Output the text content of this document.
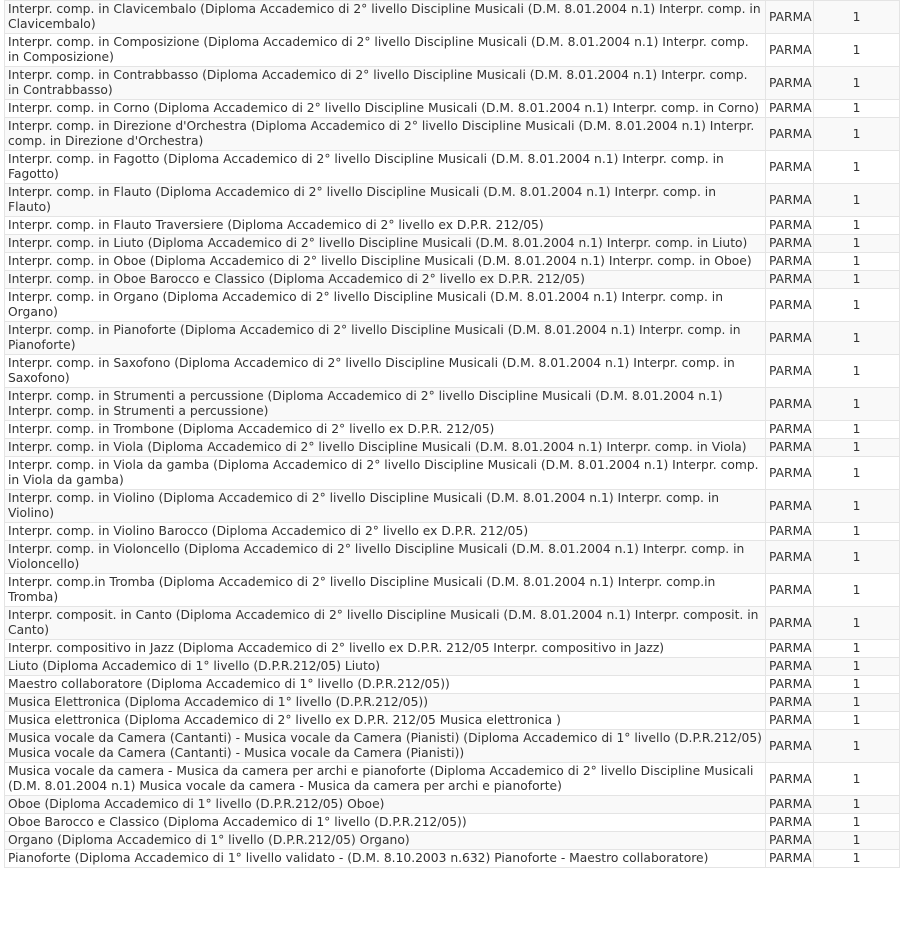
Interpr. comp. in Clavicembalo (Diploma Accademico di 2° livello Discipline Musicali (D.M. 8.01.2004 n.1) Interpr. comp. in Clavicembalo)	PARMA	1
Interpr. comp. in Composizione (Diploma Accademico di 2° livello Discipline Musicali (D.M. 8.01.2004 n.1) Interpr. comp. in Composizione)	PARMA	1
Interpr. comp. in Contrabbasso (Diploma Accademico di 2° livello Discipline Musicali (D.M. 8.01.2004 n.1) Interpr. comp. in Contrabbasso)	PARMA	1
Interpr. comp. in Corno (Diploma Accademico di 2° livello Discipline Musicali (D.M. 8.01.2004 n.1) Interpr. comp. in Corno)	PARMA	1
Interpr. comp. in Direzione d'Orchestra (Diploma Accademico di 2° livello Discipline Musicali (D.M. 8.01.2004 n.1) Interpr. comp. in Direzione d'Orchestra)	PARMA	1
Interpr. comp. in Fagotto (Diploma Accademico di 2° livello Discipline Musicali (D.M. 8.01.2004 n.1) Interpr. comp. in Fagotto)	PARMA	1
Interpr. comp. in Flauto (Diploma Accademico di 2° livello Discipline Musicali (D.M. 8.01.2004 n.1) Interpr. comp. in Flauto)	PARMA	1
Interpr. comp. in Flauto Traversiere (Diploma Accademico di 2° livello ex D.P.R. 212/05)	PARMA	1
Interpr. comp. in Liuto (Diploma Accademico di 2° livello Discipline Musicali (D.M. 8.01.2004 n.1) Interpr. comp. in Liuto)	PARMA	1
Interpr. comp. in Oboe (Diploma Accademico di 2° livello Discipline Musicali (D.M. 8.01.2004 n.1) Interpr. comp. in Oboe)	PARMA	1
Interpr. comp. in Oboe Barocco e Classico (Diploma Accademico di 2° livello ex D.P.R. 212/05)	PARMA	1
Interpr. comp. in Organo (Diploma Accademico di 2° livello Discipline Musicali (D.M. 8.01.2004 n.1) Interpr. comp. in Organo)	PARMA	1
Interpr. comp. in Pianoforte (Diploma Accademico di 2° livello Discipline Musicali (D.M. 8.01.2004 n.1) Interpr. comp. in Pianoforte)	PARMA	1
Interpr. comp. in Saxofono (Diploma Accademico di 2° livello Discipline Musicali (D.M. 8.01.2004 n.1) Interpr. comp. in Saxofono)	PARMA	1
Interpr. comp. in Strumenti a percussione (Diploma Accademico di 2° livello Discipline Musicali (D.M. 8.01.2004 n.1) Interpr. comp. in Strumenti a percussione)	PARMA	1
Interpr. comp. in Trombone (Diploma Accademico di 2° livello ex D.P.R. 212/05)	PARMA	1
Interpr. comp. in Viola (Diploma Accademico di 2° livello Discipline Musicali (D.M. 8.01.2004 n.1) Interpr. comp. in Viola)	PARMA	1
Interpr. comp. in Viola da gamba (Diploma Accademico di 2° livello Discipline Musicali (D.M. 8.01.2004 n.1) Interpr. comp. in Viola da gamba)	PARMA	1
Interpr. comp. in Violino (Diploma Accademico di 2° livello Discipline Musicali (D.M. 8.01.2004 n.1) Interpr. comp. in Violino)	PARMA	1
Interpr. comp. in Violino Barocco (Diploma Accademico di 2° livello ex D.P.R. 212/05)	PARMA	1
Interpr. comp. in Violoncello (Diploma Accademico di 2° livello Discipline Musicali (D.M. 8.01.2004 n.1) Interpr. comp. in Violoncello)	PARMA	1
Interpr. comp.in Tromba (Diploma Accademico di 2° livello Discipline Musicali (D.M. 8.01.2004 n.1) Interpr. comp.in Tromba)	PARMA	1
Interpr. composit. in Canto (Diploma Accademico di 2° livello Discipline Musicali (D.M. 8.01.2004 n.1) Interpr. composit. in Canto)	PARMA	1
Interpr. compositivo in Jazz (Diploma Accademico di 2° livello ex D.P.R. 212/05 Interpr. compositivo in Jazz)	PARMA	1
Liuto (Diploma Accademico di 1° livello (D.P.R.212/05) Liuto)	PARMA	1
Maestro collaboratore (Diploma Accademico di 1° livello (D.P.R.212/05))	PARMA	1
Musica Elettronica (Diploma Accademico di 1° livello (D.P.R.212/05))	PARMA	1
Musica elettronica (Diploma Accademico di 2° livello ex D.P.R. 212/05 Musica elettronica )	PARMA	1
Musica vocale da Camera (Cantanti) - Musica vocale da Camera (Pianisti) (Diploma Accademico di 1° livello (D.P.R.212/05) Musica vocale da Camera (Cantanti) - Musica vocale da Camera (Pianisti))	PARMA	1
Musica vocale da camera - Musica da camera per archi e pianoforte (Diploma Accademico di 2° livello Discipline Musicali (D.M. 8.01.2004 n.1) Musica vocale da camera - Musica da camera per archi e pianoforte)	PARMA	1
Oboe (Diploma Accademico di 1° livello (D.P.R.212/05) Oboe)	PARMA	1
Oboe Barocco e Classico (Diploma Accademico di 1° livello (D.P.R.212/05))	PARMA	1
Organo (Diploma Accademico di 1° livello (D.P.R.212/05) Organo)	PARMA	1
Pianoforte (Diploma Accademico di 1° livello validato - (D.M. 8.10.2003 n.632) Pianoforte - Maestro collaboratore)	PARMA	1
